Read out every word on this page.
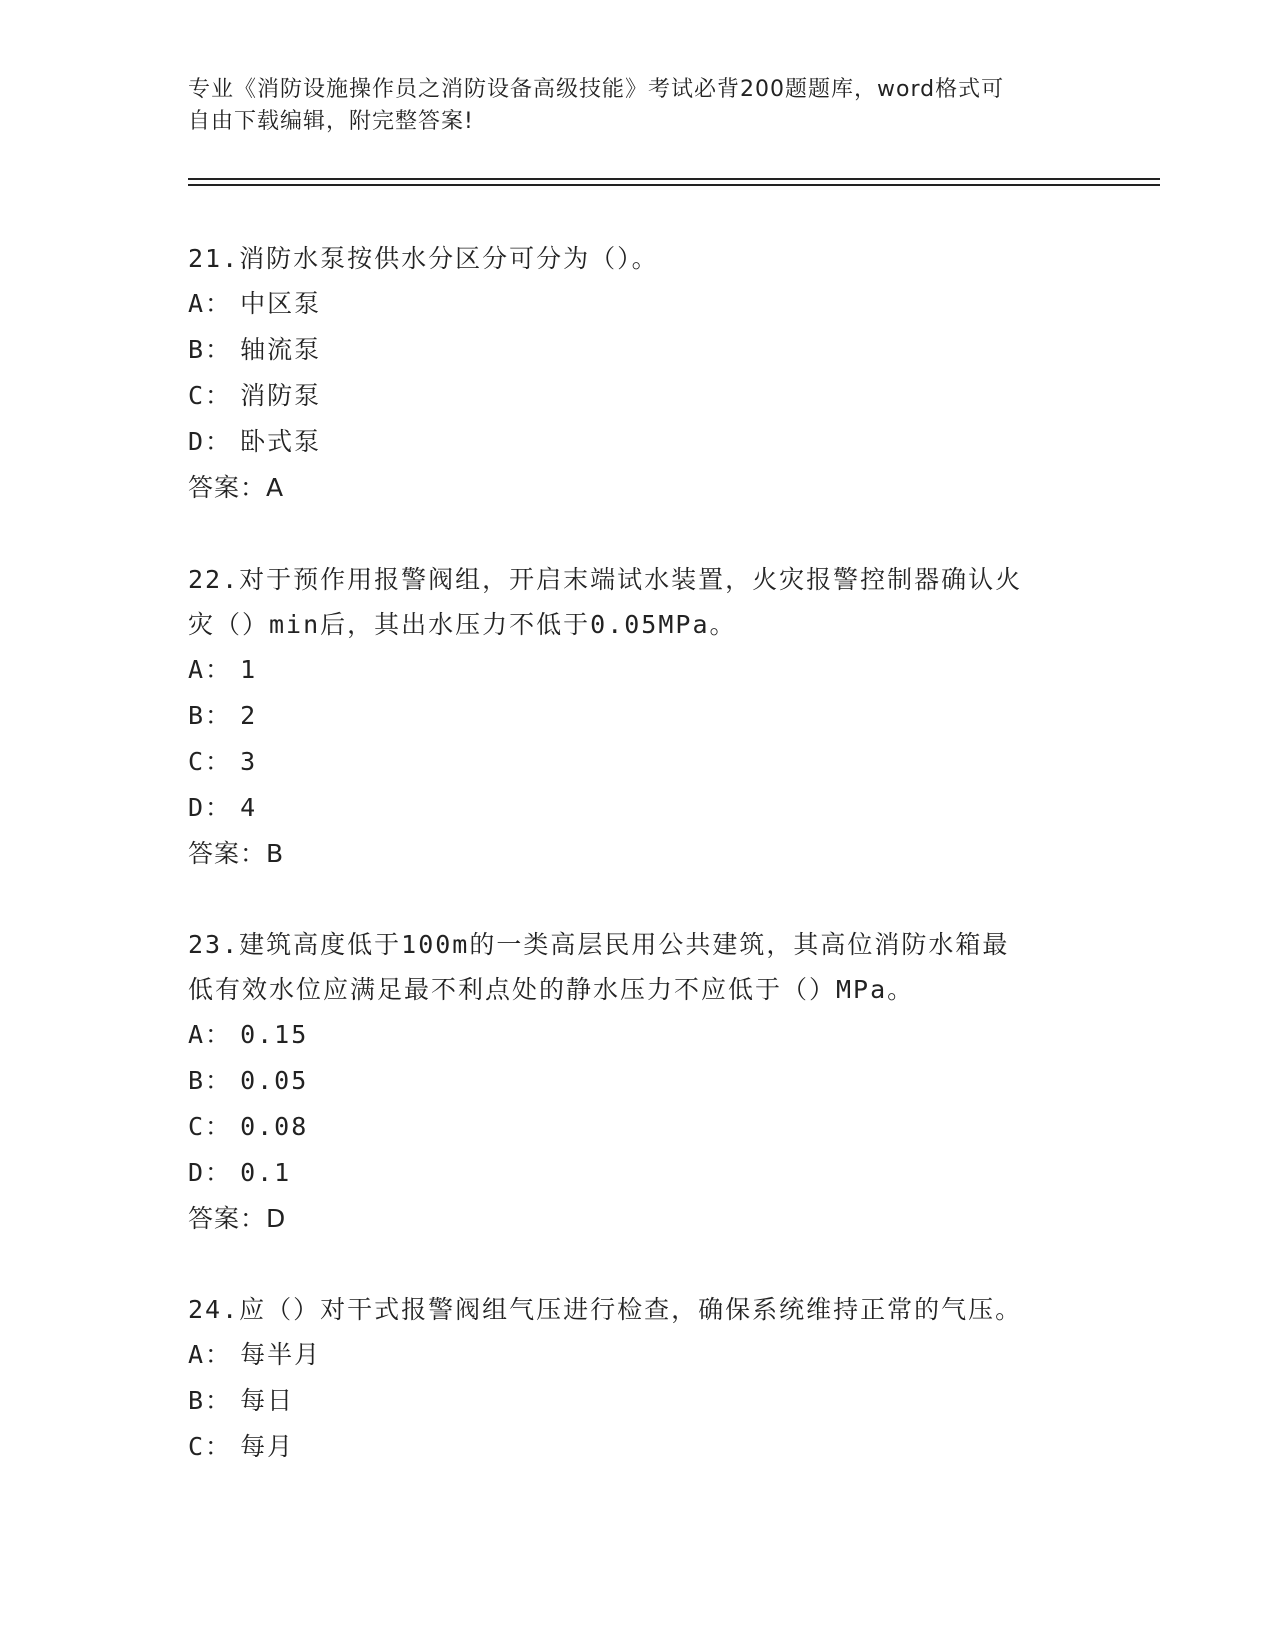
专业《消防设施操作员之消防设备高级技能》考试必背200题题库，word格式可
自由下载编辑，附完整答案!
21.消防水泵按供水分区分可分为（）。
A： 中区泵
B： 轴流泵
C： 消防泵
D： 卧式泵
答案：A
22.对于预作用报警阀组，开启末端试水装置，火灾报警控制器确认火
灾（）min后，其出水压力不低于0.05MPa。
A： 1
B： 2
C： 3
D： 4
答案：B
23.建筑高度低于100m的一类高层民用公共建筑，其高位消防水箱最
低有效水位应满足最不利点处的静水压力不应低于（）MPa。
A： 0.15
B： 0.05
C： 0.08
D： 0.1
答案：D
24.应（）对干式报警阀组气压进行检查，确保系统维持正常的气压。
A： 每半月
B： 每日
C： 每月
